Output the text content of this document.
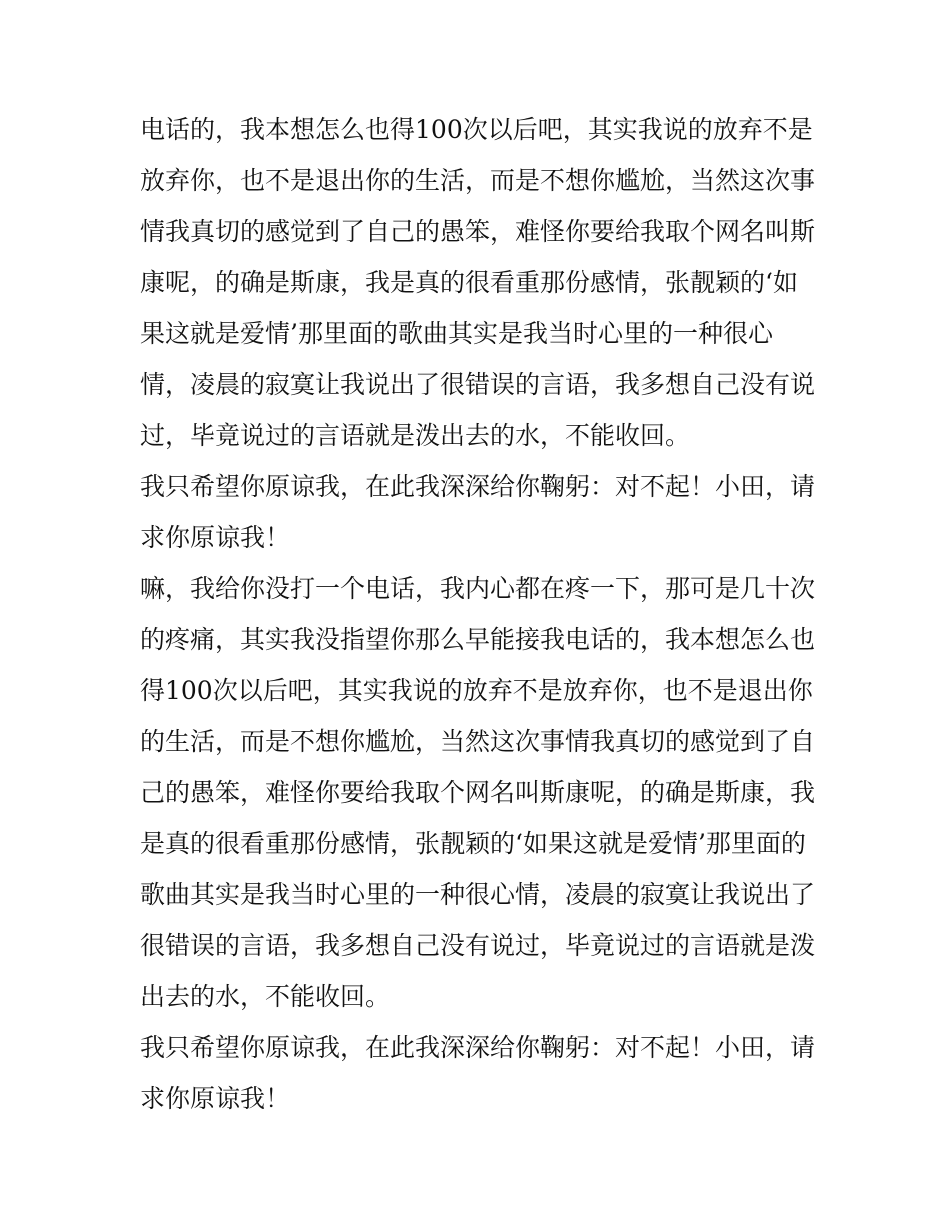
电话的，我本想怎么也得100次以后吧，其实我说的放弃不是
放弃你，也不是退出你的生活，而是不想你尴尬，当然这次事
情我真切的感觉到了自己的愚笨，难怪你要给我取个网名叫斯
康呢，的确是斯康，我是真的很看重那份感情，张靓颖的‘如
果这就是爱情’那里面的歌曲其实是我当时心里的一种很心
情，凌晨的寂寞让我说出了很错误的言语，我多想自己没有说
过，毕竟说过的言语就是泼出去的水，不能收回。
我只希望你原谅我，在此我深深给你鞠躬：对不起！小田，请
求你原谅我！
嘛，我给你没打一个电话，我内心都在疼一下，那可是几十次
的疼痛，其实我没指望你那么早能接我电话的，我本想怎么也
得100次以后吧，其实我说的放弃不是放弃你，也不是退出你
的生活，而是不想你尴尬，当然这次事情我真切的感觉到了自
己的愚笨，难怪你要给我取个网名叫斯康呢，的确是斯康，我
是真的很看重那份感情，张靓颖的‘如果这就是爱情’那里面的
歌曲其实是我当时心里的一种很心情，凌晨的寂寞让我说出了
很错误的言语，我多想自己没有说过，毕竟说过的言语就是泼
出去的水，不能收回。
我只希望你原谅我，在此我深深给你鞠躬：对不起！小田，请
求你原谅我！
